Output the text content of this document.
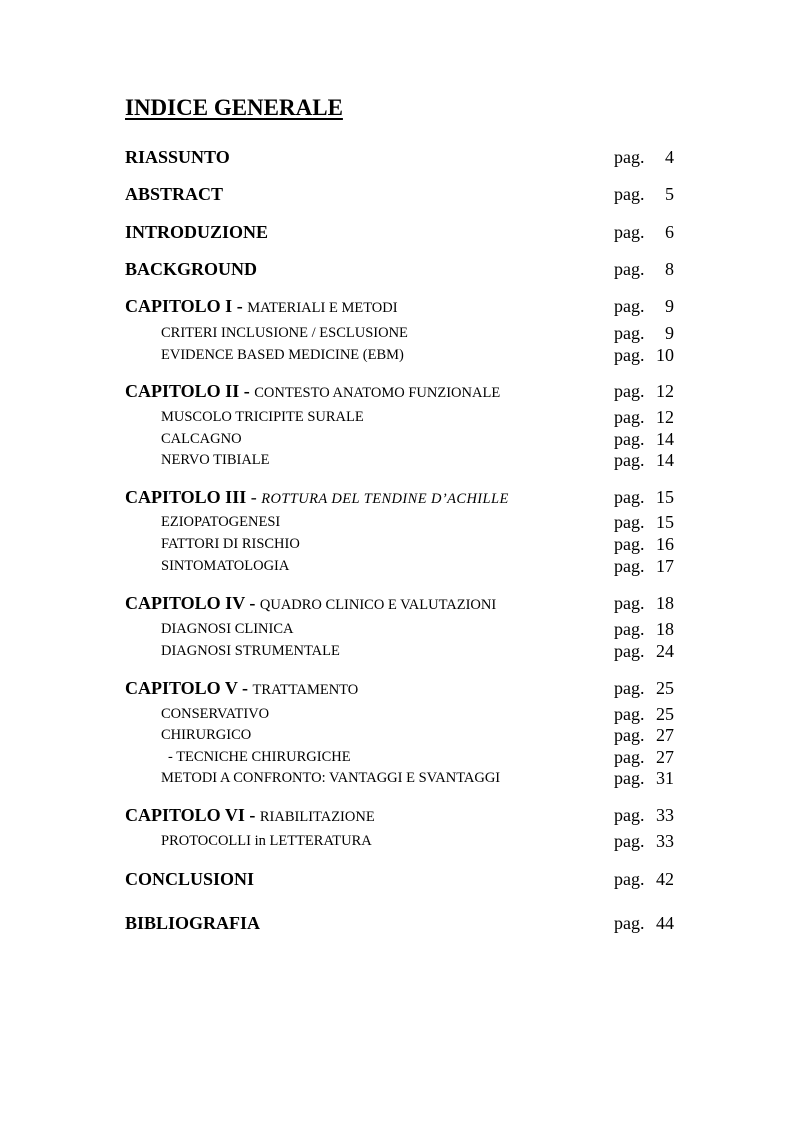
INDICE GENERALE
RIASSUNTO	pag. 4
ABSTRACT	pag. 5
INTRODUZIONE	pag. 6
BACKGROUND	pag. 8
CAPITOLO I - MATERIALI E METODI	pag. 9
CRITERI INCLUSIONE / ESCLUSIONE	pag. 9
EVIDENCE BASED MEDICINE (EBM)	pag. 10
CAPITOLO II - CONTESTO ANATOMO FUNZIONALE	pag. 12
MUSCOLO TRICIPITE SURALE	pag. 12
CALCAGNO	pag. 14
NERVO TIBIALE	pag. 14
CAPITOLO III - ROTTURA DEL TENDINE D’ACHILLE	pag. 15
EZIOPATOGENESI	pag. 15
FATTORI DI RISCHIO	pag. 16
SINTOMATOLOGIA	pag. 17
CAPITOLO IV - QUADRO CLINICO E VALUTAZIONI	pag. 18
DIAGNOSI CLINICA	pag. 18
DIAGNOSI STRUMENTALE	pag. 24
CAPITOLO V - TRATTAMENTO	pag. 25
CONSERVATIVO	pag. 25
CHIRURGICO	pag. 27
- TECNICHE CHIRURGICHE	pag. 27
METODI A CONFRONTO: VANTAGGI E SVANTAGGI	pag. 31
CAPITOLO VI - RIABILITAZIONE	pag. 33
PROTOCOLLI in LETTERATURA	pag. 33
CONCLUSIONI	pag. 42
BIBLIOGRAFIA	pag. 44
